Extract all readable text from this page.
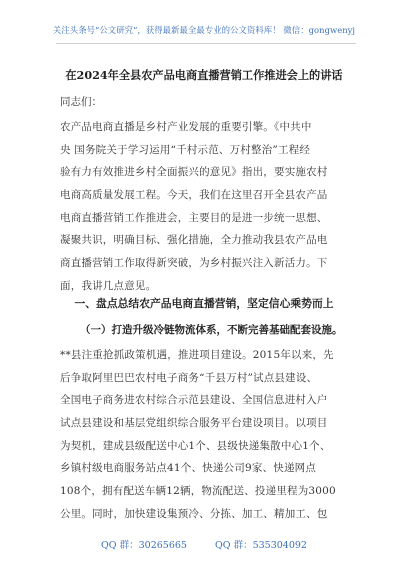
关注头条号“公文研究”，获得最新最全最专业的公文资料库！ 微信：gongwenyj
在2024年全县农产品电商直播营销工作推进会上的讲话
同志们：
农产品电商直播是乡村产业发展的重要引擎。《中共中
央 国务院关于学习运用“千村示范、万村整治”工程经
验有力有效推进乡村全面振兴的意见》指出，要实施农村
电商高质量发展工程。今天，我们在这里召开全县农产品
电商直播营销工作推进会，主要目的是进一步统一思想、
凝聚共识，明确目标、强化措施，全力推动我县农产品电
商直播营销工作取得新突破，为乡村振兴注入新活力。下
面，我讲几点意见。
一、盘点总结农产品电商直播营销，坚定信心乘势而上
（一）打造升级冷链物流体系，不断完善基础配套设施。
**县注重抢抓政策机遇，推进项目建设。2015年以来，先
后争取阿里巴巴农村电子商务“千县万村”试点县建设、
全国电子商务进农村综合示范县建设、全国信息进村入户
试点县建设和基层党组织综合服务平台建设项目。以项目
为契机，建成县级配送中心1个、县级快递集散中心1个、
乡镇村级电商服务站点41个、快递公司9家、快递网点
108个，拥有配送车辆12辆，物流配送、投递里程为3000
公里。同时，加快建设集预冷、分拣、加工、精加工、包
QQ 群：30265665	QQ 群：535304092
